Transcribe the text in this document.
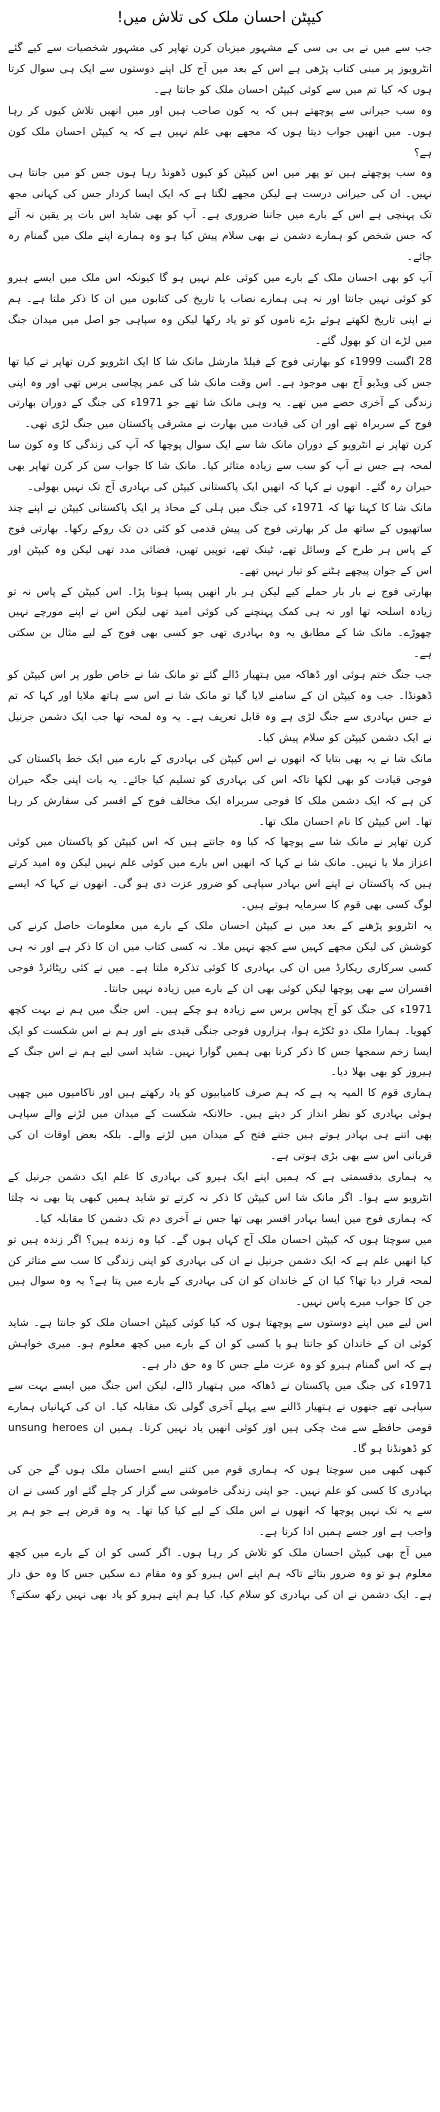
کیپٹن احسان ملک کی تلاش میں!

جب سے میں نے بی بی سی کے مشہور میزبان کرن تھاپر کی مشہور شخصیات سے کیے گئے انٹرویوز پر مبنی کتاب پڑھی ہے اس کے بعد میں آج کل اپنے دوستوں سے ایک ہی سوال کرتا ہوں کہ کیا تم میں سے کوئی کیپٹن احسان ملک کو جانتا ہے۔

وہ سب حیرانی سے پوچھتے ہیں کہ یہ کون صاحب ہیں اور میں انھیں تلاش کیوں کر رہا ہوں۔ میں انھیں جواب دیتا ہوں کہ مجھے بھی علم نہیں ہے کہ یہ کیپٹن احسان ملک کون ہے؟

وہ سب پوچھتے ہیں تو پھر میں اس کیپٹن کو کیوں ڈھونڈ رہا ہوں جس کو میں جانتا ہی نہیں۔ ان کی حیرانی درست ہے لیکن مجھے لگتا ہے کہ ایک ایسا کردار جس کی کہانی مجھ تک پہنچی ہے اس کے بارے میں جاننا ضروری ہے۔ آپ کو بھی شاید اس بات پر یقین نہ آئے کہ جس شخص کو ہمارے دشمن نے بھی سلام پیش کیا ہو وہ ہمارے اپنے ملک میں گمنام رہ جائے۔

آپ کو بھی احسان ملک کے بارے میں کوئی علم نہیں ہو گا کیونکہ اس ملک میں ایسے ہیرو کو کوئی نہیں جانتا اور نہ ہی ہمارے نصاب یا تاریخ کی کتابوں میں ان کا ذکر ملتا ہے۔ ہم نے اپنی تاریخ لکھتے ہوئے بڑے ناموں کو تو یاد رکھا لیکن وہ سپاہی جو اصل میں میدان جنگ میں لڑے ان کو بھول گئے۔

28 اگست 1999ء کو بھارتی فوج کے فیلڈ مارشل مانک شا کا ایک انٹرویو کرن تھاپر نے کیا تھا جس کی ویڈیو آج بھی موجود ہے۔ اس وقت مانک شا کی عمر پچاسی برس تھی اور وہ اپنی زندگی کے آخری حصے میں تھے۔ یہ وہی مانک شا تھے جو 1971ء کی جنگ کے دوران بھارتی فوج کے سربراہ تھے اور ان کی قیادت میں بھارت نے مشرقی پاکستان میں جنگ لڑی تھی۔

کرن تھاپر نے انٹرویو کے دوران مانک شا سے ایک سوال پوچھا کہ آپ کی زندگی کا وہ کون سا لمحہ ہے جس نے آپ کو سب سے زیادہ متاثر کیا۔ مانک شا کا جواب سن کر کرن تھاپر بھی حیران رہ گئے۔ انھوں نے کہا کہ انھیں ایک پاکستانی کیپٹن کی بہادری آج تک نہیں بھولی۔

مانک شا کا کہنا تھا کہ 1971ء کی جنگ میں ہلی کے محاذ پر ایک پاکستانی کیپٹن نے اپنے چند ساتھیوں کے ساتھ مل کر بھارتی فوج کی پیش قدمی کو کئی دن تک روکے رکھا۔ بھارتی فوج کے پاس ہر طرح کے وسائل تھے، ٹینک تھے، توپیں تھیں، فضائی مدد تھی لیکن وہ کیپٹن اور اس کے جوان پیچھے ہٹنے کو تیار نہیں تھے۔

بھارتی فوج نے بار بار حملے کیے لیکن ہر بار انھیں پسپا ہونا پڑا۔ اس کیپٹن کے پاس نہ تو زیادہ اسلحہ تھا اور نہ ہی کمک پہنچنے کی کوئی امید تھی لیکن اس نے اپنے مورچے نہیں چھوڑے۔ مانک شا کے مطابق یہ وہ بہادری تھی جو کسی بھی فوج کے لیے مثال بن سکتی ہے۔

جب جنگ ختم ہوئی اور ڈھاکہ میں ہتھیار ڈالے گئے تو مانک شا نے خاص طور پر اس کیپٹن کو ڈھونڈا۔ جب وہ کیپٹن ان کے سامنے لایا گیا تو مانک شا نے اس سے ہاتھ ملایا اور کہا کہ تم نے جس بہادری سے جنگ لڑی ہے وہ قابل تعریف ہے۔ یہ وہ لمحہ تھا جب ایک دشمن جرنیل نے ایک دشمن کیپٹن کو سلام پیش کیا۔

مانک شا نے یہ بھی بتایا کہ انھوں نے اس کیپٹن کی بہادری کے بارے میں ایک خط پاکستان کی فوجی قیادت کو بھی لکھا تاکہ اس کی بہادری کو تسلیم کیا جائے۔ یہ بات اپنی جگہ حیران کن ہے کہ ایک دشمن ملک کا فوجی سربراہ ایک مخالف فوج کے افسر کی سفارش کر رہا تھا۔ اس کیپٹن کا نام احسان ملک تھا۔

کرن تھاپر نے مانک شا سے پوچھا کہ کیا وہ جانتے ہیں کہ اس کیپٹن کو پاکستان میں کوئی اعزاز ملا یا نہیں۔ مانک شا نے کہا کہ انھیں اس بارے میں کوئی علم نہیں لیکن وہ امید کرتے ہیں کہ پاکستان نے اپنے اس بہادر سپاہی کو ضرور عزت دی ہو گی۔ انھوں نے کہا کہ ایسے لوگ کسی بھی قوم کا سرمایہ ہوتے ہیں۔

یہ انٹرویو پڑھنے کے بعد میں نے کیپٹن احسان ملک کے بارے میں معلومات حاصل کرنے کی کوشش کی لیکن مجھے کہیں سے کچھ نہیں ملا۔ نہ کسی کتاب میں ان کا ذکر ہے اور نہ ہی کسی سرکاری ریکارڈ میں ان کی بہادری کا کوئی تذکرہ ملتا ہے۔ میں نے کئی ریٹائرڈ فوجی افسران سے بھی پوچھا لیکن کوئی بھی ان کے بارے میں زیادہ نہیں جانتا۔

1971ء کی جنگ کو آج پچاس برس سے زیادہ ہو چکے ہیں۔ اس جنگ میں ہم نے بہت کچھ کھویا۔ ہمارا ملک دو ٹکڑے ہوا، ہزاروں فوجی جنگی قیدی بنے اور ہم نے اس شکست کو ایک ایسا زخم سمجھا جس کا ذکر کرنا بھی ہمیں گوارا نہیں۔ شاید اسی لیے ہم نے اس جنگ کے ہیروز کو بھی بھلا دیا۔

ہماری قوم کا المیہ یہ ہے کہ ہم صرف کامیابیوں کو یاد رکھتے ہیں اور ناکامیوں میں چھپی ہوئی بہادری کو نظر انداز کر دیتے ہیں۔ حالانکہ شکست کے میدان میں لڑنے والے سپاہی بھی اتنے ہی بہادر ہوتے ہیں جتنے فتح کے میدان میں لڑنے والے۔ بلکہ بعض اوقات ان کی قربانی اس سے بھی بڑی ہوتی ہے۔

یہ ہماری بدقسمتی ہے کہ ہمیں اپنے ایک ہیرو کی بہادری کا علم ایک دشمن جرنیل کے انٹرویو سے ہوا۔ اگر مانک شا اس کیپٹن کا ذکر نہ کرتے تو شاید ہمیں کبھی پتا بھی نہ چلتا کہ ہماری فوج میں ایسا بہادر افسر بھی تھا جس نے آخری دم تک دشمن کا مقابلہ کیا۔

میں سوچتا ہوں کہ کیپٹن احسان ملک آج کہاں ہوں گے۔ کیا وہ زندہ ہیں؟ اگر زندہ ہیں تو کیا انھیں علم ہے کہ ایک دشمن جرنیل نے ان کی بہادری کو اپنی زندگی کا سب سے متاثر کن لمحہ قرار دیا تھا؟ کیا ان کے خاندان کو ان کی بہادری کے بارے میں پتا ہے؟ یہ وہ سوال ہیں جن کا جواب میرے پاس نہیں۔

اس لیے میں اپنے دوستوں سے پوچھتا ہوں کہ کیا کوئی کیپٹن احسان ملک کو جانتا ہے۔ شاید کوئی ان کے خاندان کو جانتا ہو یا کسی کو ان کے بارے میں کچھ معلوم ہو۔ میری خواہش ہے کہ اس گمنام ہیرو کو وہ عزت ملے جس کا وہ حق دار ہے۔

1971ء کی جنگ میں پاکستان نے ڈھاکہ میں ہتھیار ڈالے، لیکن اس جنگ میں ایسے بہت سے سپاہی تھے جنھوں نے ہتھیار ڈالنے سے پہلے آخری گولی تک مقابلہ کیا۔ ان کی کہانیاں ہمارے قومی حافظے سے مٹ چکی ہیں اور کوئی انھیں یاد نہیں کرتا۔ ہمیں ان unsung heroes کو ڈھونڈنا ہو گا۔

کبھی کبھی میں سوچتا ہوں کہ ہماری قوم میں کتنے ایسے احسان ملک ہوں گے جن کی بہادری کا کسی کو علم نہیں۔ جو اپنی زندگی خاموشی سے گزار کر چلے گئے اور کسی نے ان سے یہ تک نہیں پوچھا کہ انھوں نے اس ملک کے لیے کیا کیا تھا۔ یہ وہ قرض ہے جو ہم پر واجب ہے اور جسے ہمیں ادا کرنا ہے۔

میں آج بھی کیپٹن احسان ملک کو تلاش کر رہا ہوں۔ اگر کسی کو ان کے بارے میں کچھ معلوم ہو تو وہ ضرور بتائے تاکہ ہم اپنے اس ہیرو کو وہ مقام دے سکیں جس کا وہ حق دار ہے۔ ایک دشمن نے ان کی بہادری کو سلام کیا، کیا ہم اپنے ہیرو کو یاد بھی نہیں رکھ سکتے؟
